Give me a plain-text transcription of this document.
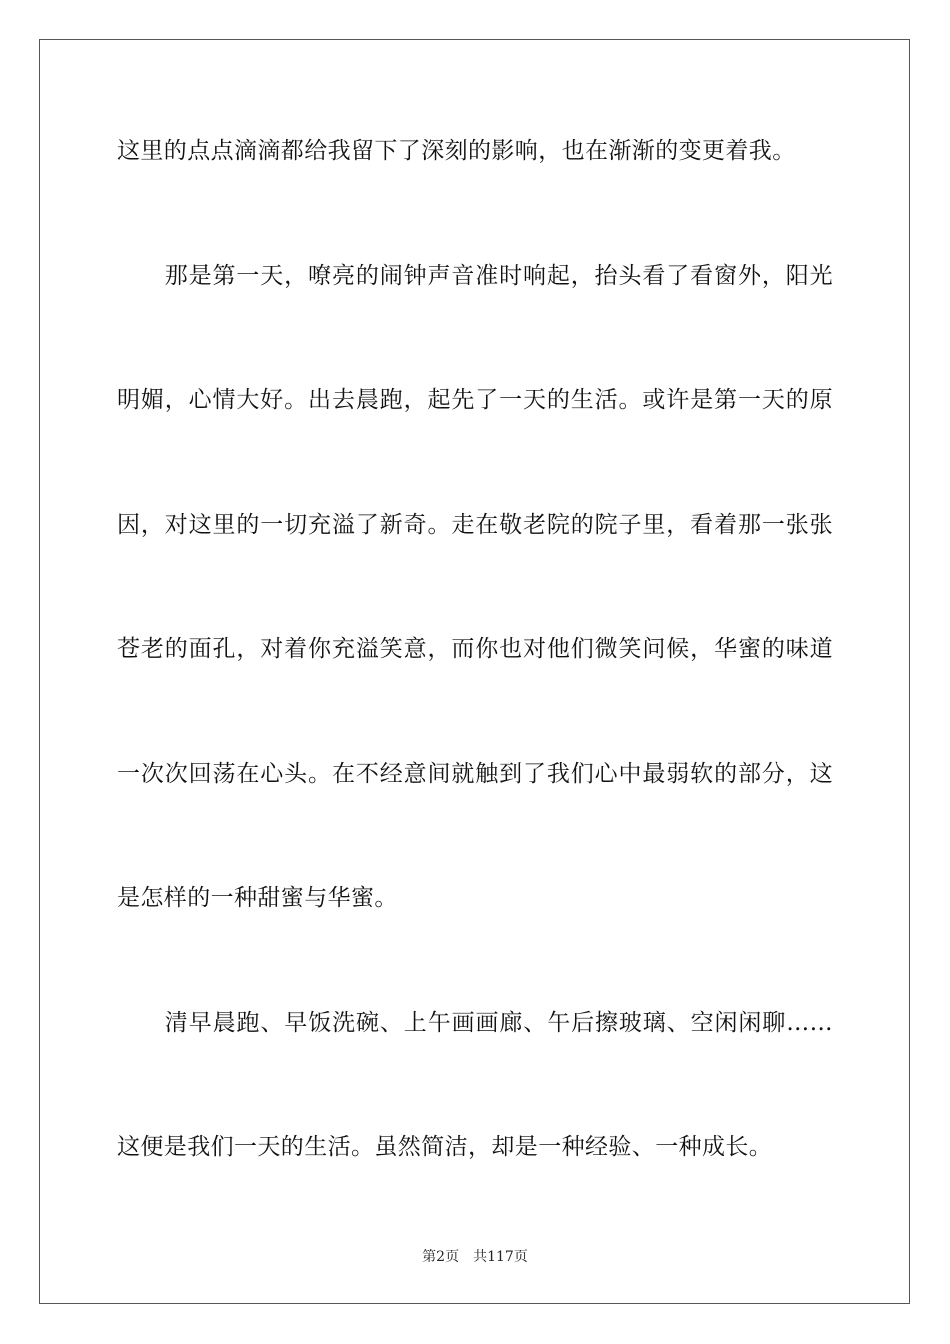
这里的点点滴滴都给我留下了深刻的影响，也在渐渐的变更着我。
　　那是第一天，嘹亮的闹钟声音准时响起，抬头看了看窗外，阳光
明媚，心情大好。出去晨跑，起先了一天的生活。或许是第一天的原
因，对这里的一切充溢了新奇。走在敬老院的院子里，看着那一张张
苍老的面孔，对着你充溢笑意，而你也对他们微笑问候，华蜜的味道
一次次回荡在心头。在不经意间就触到了我们心中最弱软的部分，这
是怎样的一种甜蜜与华蜜。
　　清早晨跑、早饭洗碗、上午画画廊、午后擦玻璃、空闲闲聊……
这便是我们一天的生活。虽然简洁，却是一种经验、一种成长。
第2页 共117页
